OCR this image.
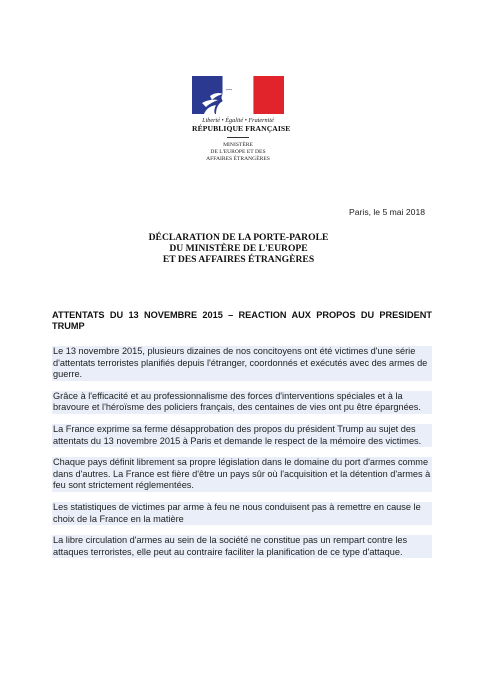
Liberté • Égalité • Fraternité
RÉPUBLIQUE FRANÇAISE
MINISTÈRE
DE L'EUROPE ET DES
AFFAIRES ÉTRANGÈRES
Paris, le 5 mai 2018
DÉCLARATION DE LA PORTE-PAROLE
DU MINISTÈRE DE L'EUROPE
ET DES AFFAIRES ÉTRANGÈRES
ATTENTATS DU 13 NOVEMBRE 2015 – REACTION AUX PROPOS DU PRESIDENT TRUMP

Le 13 novembre 2015, plusieurs dizaines de nos concitoyens ont été victimes d'une série d'attentats terroristes planifiés depuis l'étranger, coordonnés et exécutés avec des armes de guerre.

Grâce à l'efficacité et au professionnalisme des forces d'interventions spéciales et à la bravoure et l'héroïsme des policiers français, des centaines de vies ont pu être épargnées.

La France exprime sa ferme désapprobation des propos du président Trump au sujet des attentats du 13 novembre 2015 à Paris et demande le respect de la mémoire des victimes.

Chaque pays définit librement sa propre législation dans le domaine du port d'armes comme dans d'autres. La France est fière d'être un pays sûr où l'acquisition et la détention d'armes à feu sont strictement réglementées.

Les statistiques de victimes par arme à feu ne nous conduisent pas à remettre en cause le choix de la France en la matière

La libre circulation d'armes au sein de la société ne constitue pas un rempart contre les attaques terroristes, elle peut au contraire faciliter la planification de ce type d'attaque.
